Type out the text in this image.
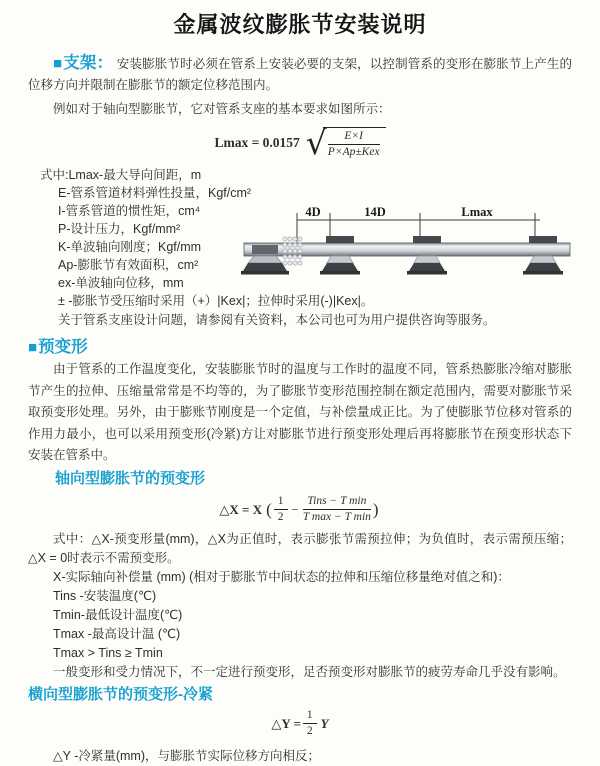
金属波纹膨胀节安装说明

■支架： 安装膨胀节时必须在管系上安装必要的支架，以控制管系的变形在膨胀节上产生的位移方向并限制在膨胀节的额定位移范围内。

例如对于轴向型膨胀节，它对管系支座的基本要求如图所示：

Lmax = 0.0157 √ $\frac{E\times I}{\text{P×Ap±Kex}}$
式中:Lmax-最大导向间距，m
E-管系管道材料弹性投量，Kgf/cm²
I-管系管道的惯性矩，cm⁴
P-设计压力，Kgf/mm²
K-单波轴向刚度；Kgf/mm
Ap-膨胀节有效面积，cm²
ex-单波轴向位移，mm
± -膨胀节受压缩时采用（+）|Kex|；拉伸时采用(-)|Kex|。
关于管系支座设计问题，请参阅有关资料，本公司也可为用户提供咨询等服务。
■预变形

由于管系的工作温度变化，安装膨胀节时的温度与工作时的温度不同，管系热膨胀冷缩对膨胀节产生的拉伸、压缩量常常是不均等的，为了膨胀节变形范围控制在额定范围内，需要对膨胀节采取预变形处理。另外，由于膨账节刚度是一个定值，与补偿量成正比。为了使膨胀节位移对管系的作用力最小，也可以采用预变形(冷紧)方让对膨胀节进行预变形处理后再将膨胀节在预变形状态下安装在管系中。

轴向型膨胀节的预变形
△X = X ( $\frac{1}{2} - \frac{\text{Tins − T min}}{\text{T max − T min}}$ )

式中：△X-预变形量(mm)，△X为正值时，表示膨张节需预拉伸；为负值时，表示需预压缩；△X = 0时表示不需预变形。

X-实际轴向补偿量 (mm) (相对于膨胀节中间状态的拉伸和压缩位移量绝对值之和)：
Tins -安装温度(℃)
Tmin-最低设计温度(℃)
Tmax -最高设计温 (℃)
Tmax > Tins ≥ Tmin

一般变形和受力情况下，不一定进行预变形，足否预变形对膨胀节的疲劳寿命几乎没有影响。

横向型膨胀节的预变形-冷紧
△Y = $\frac{1}{2}$ Y
△Y -冷紧量(mm)，与膨胀节实际位移方向相反；
4D	14D	Lmax
